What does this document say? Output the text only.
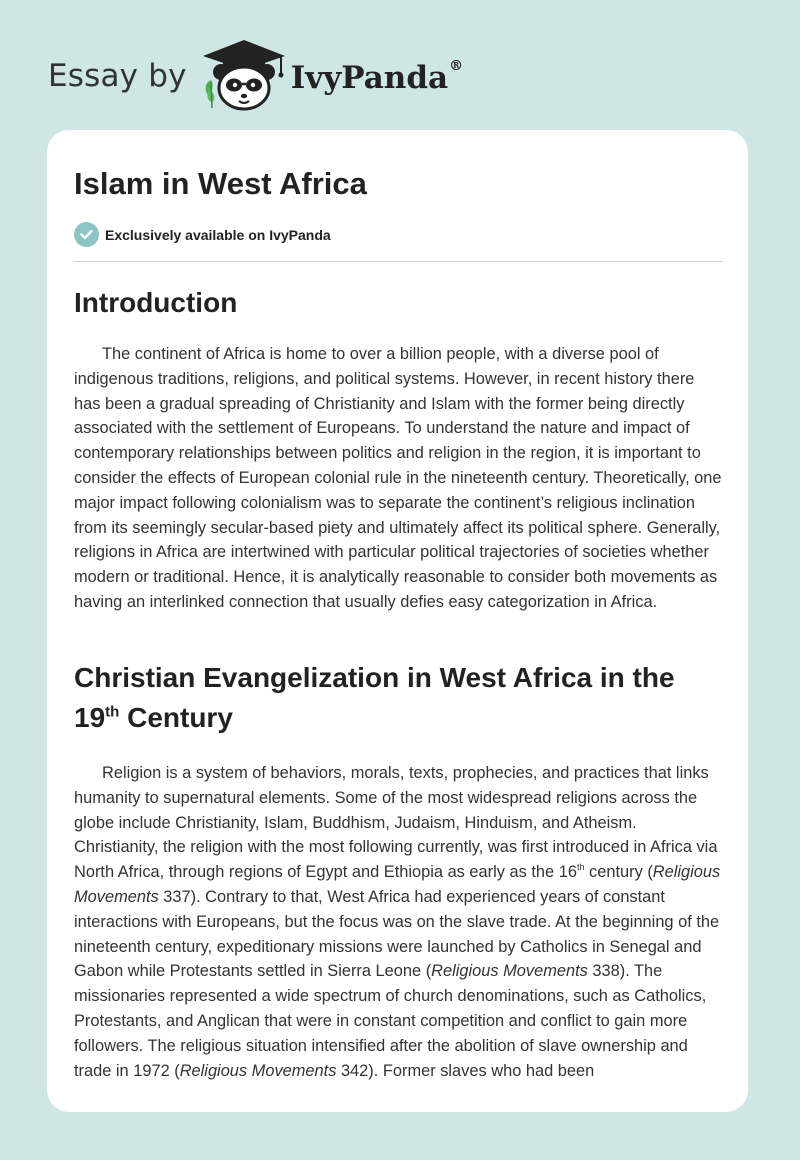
Essay by	IvyPanda®
Islam in West Africa
Exclusively available on IvyPanda
Introduction

The continent of Africa is home to over a billion people, with a diverse pool of indigenous traditions, religions, and political systems. However, in recent history there has been a gradual spreading of Christianity and Islam with the former being directly associated with the settlement of Europeans. To understand the nature and impact of contemporary relationships between politics and religion in the region, it is important to consider the effects of European colonial rule in the nineteenth century. Theoretically, one major impact following colonialism was to separate the continent’s religious inclination from its seemingly secular-based piety and ultimately affect its political sphere. Generally, religions in Africa are intertwined with particular political trajectories of societies whether modern or traditional. Hence, it is analytically reasonable to consider both movements as having an interlinked connection that usually defies easy categorization in Africa.

Christian Evangelization in West Africa in the 19th Century

Religion is a system of behaviors, morals, texts, prophecies, and practices that links humanity to supernatural elements. Some of the most widespread religions across the globe include Christianity, Islam, Buddhism, Judaism, Hinduism, and Atheism. Christianity, the religion with the most following currently, was first introduced in Africa via North Africa, through regions of Egypt and Ethiopia as early as the 16th century (Religious Movements 337). Contrary to that, West Africa had experienced years of constant interactions with Europeans, but the focus was on the slave trade. At the beginning of the nineteenth century, expeditionary missions were launched by Catholics in Senegal and Gabon while Protestants settled in Sierra Leone (Religious Movements 338). The missionaries represented a wide spectrum of church denominations, such as Catholics, Protestants, and Anglican that were in constant competition and conflict to gain more followers. The religious situation intensified after the abolition of slave ownership and trade in 1972 (Religious Movements 342). Former slaves who had been
